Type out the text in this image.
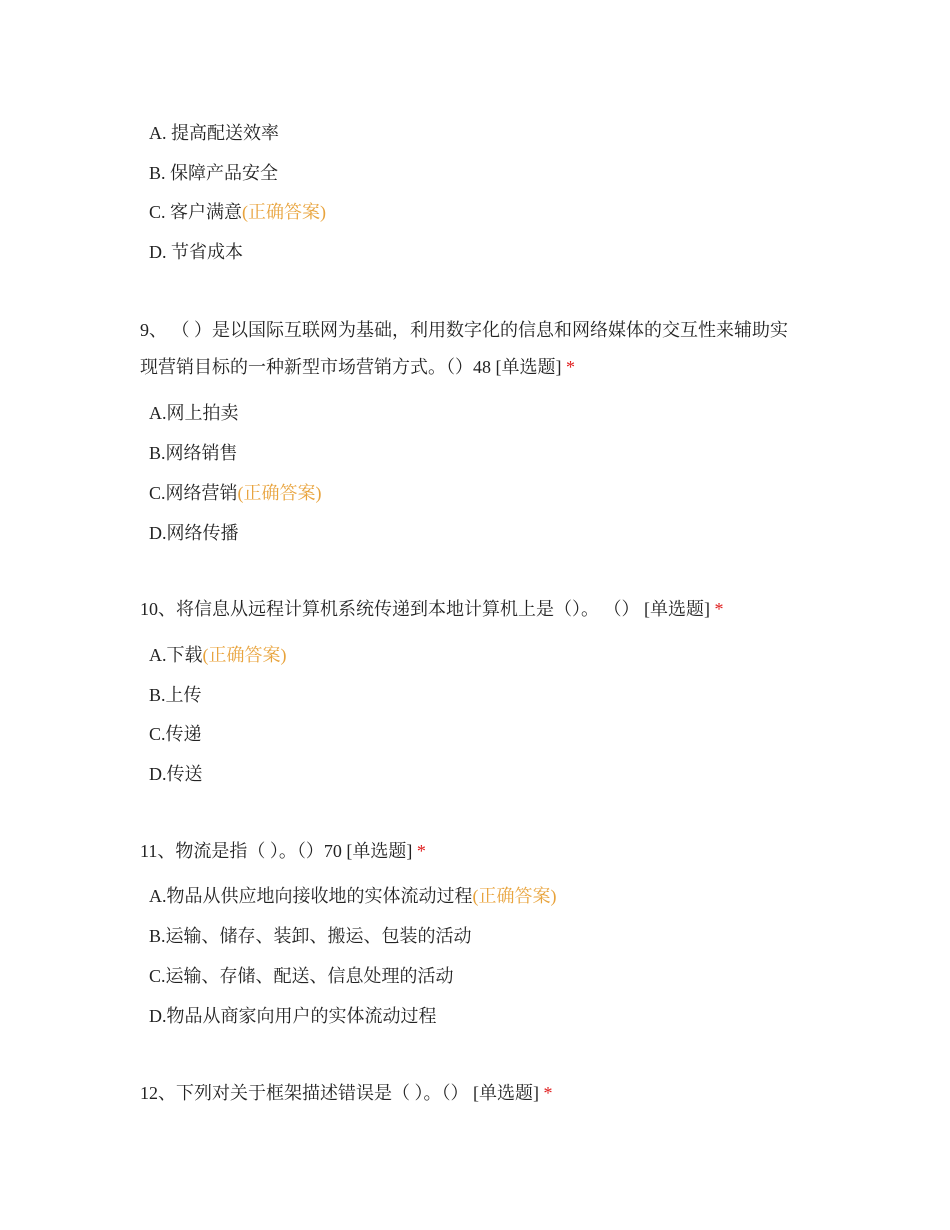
A. 提高配送效率
B. 保障产品安全
C. 客户满意(正确答案)
D. 节省成本
9、 （ ）是以国际互联网为基础，利用数字化的信息和网络媒体的交互性来辅助实
现营销目标的一种新型市场营销方式。（）48 [单选题] *
A.网上拍卖
B.网络销售
C.网络营销(正确答案)
D.网络传播
10、将信息从远程计算机系统传递到本地计算机上是（）。 （） [单选题] *
A.下载(正确答案)
B.上传
C.传递
D.传送
11、物流是指（ ）。（）70 [单选题] *
A.物品从供应地向接收地的实体流动过程(正确答案)
B.运输、储存、装卸、搬运、包装的活动
C.运输、存储、配送、信息处理的活动
D.物品从商家向用户的实体流动过程
12、下列对关于框架描述错误是（ ）。（） [单选题] *
